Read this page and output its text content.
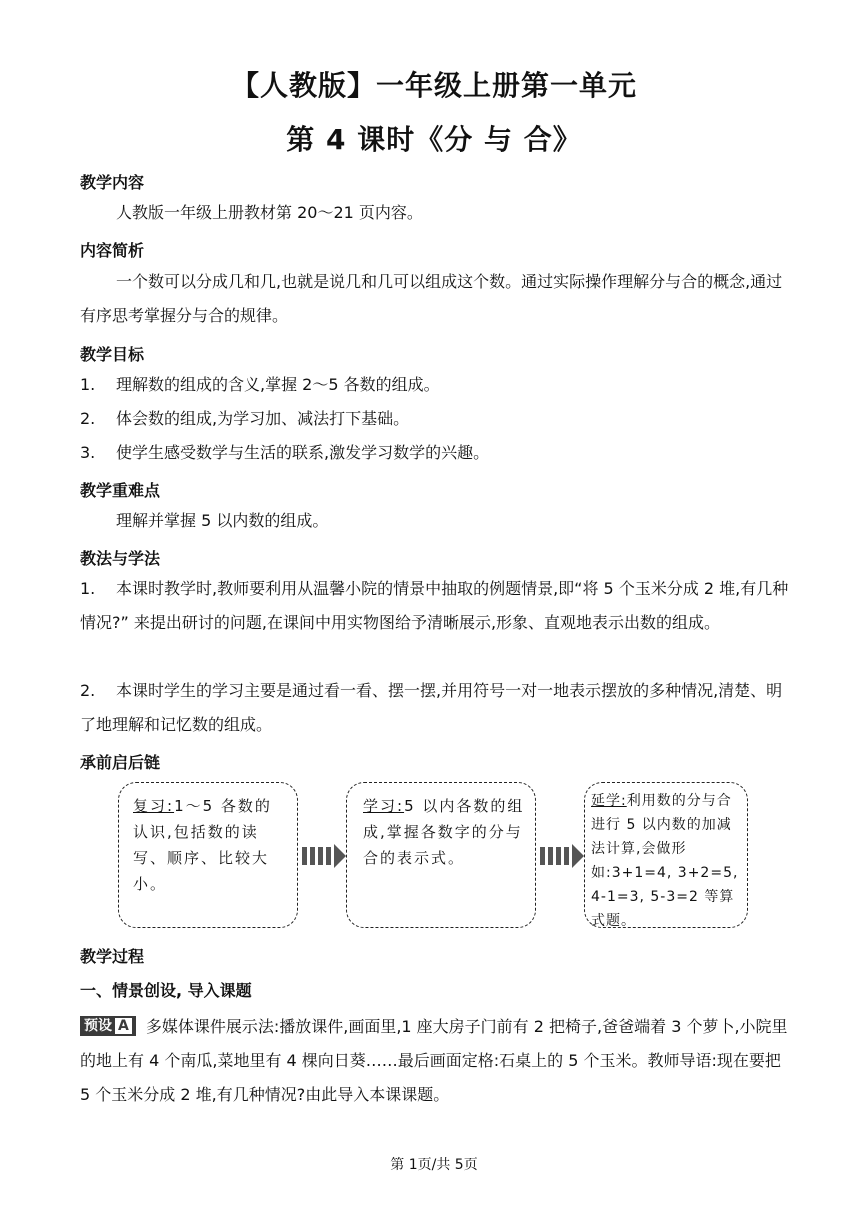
【人教版】一年级上册第一单元
第 4 课时《分 与 合》
教学内容
人教版一年级上册教材第 20～21 页内容。
内容简析
一个数可以分成几和几,也就是说几和几可以组成这个数。通过实际操作理解分与合的概念,通过有序思考掌握分与合的规律。
教学目标
1. 理解数的组成的含义,掌握 2～5 各数的组成。
2. 体会数的组成,为学习加、减法打下基础。
3. 使学生感受数学与生活的联系,激发学习数学的兴趣。
教学重难点
理解并掌握 5 以内数的组成。
教法与学法
1. 本课时教学时,教师要利用从温馨小院的情景中抽取的例题情景,即“将 5 个玉米分成 2 堆,有几种情况?” 来提出研讨的问题,在课间中用实物图给予清晰展示,形象、直观地表示出数的组成。
2. 本课时学生的学习主要是通过看一看、摆一摆,并用符号一对一地表示摆放的多种情况,清楚、明了地理解和记忆数的组成。
承前启后链
复习:1～5 各数的认识,包括数的读写、顺序、比较大小。
学习:5 以内各数的组成,掌握各数字的分与合的表示式。
延学:利用数的分与合进行 5 以内数的加减法计算,会做形如:3+1=4, 3+2=5, 4-1=3, 5-3=2 等算式题。
教学过程
一、情景创设, 导入课题
预设 A 多媒体课件展示法:播放课件,画面里,1 座大房子门前有 2 把椅子,爸爸端着 3 个萝卜,小院里的地上有 4 个南瓜,菜地里有 4 棵向日葵……最后画面定格:石桌上的 5 个玉米。教师导语:现在要把 5 个玉米分成 2 堆,有几种情况?由此导入本课课题。
第 1页/共 5页
